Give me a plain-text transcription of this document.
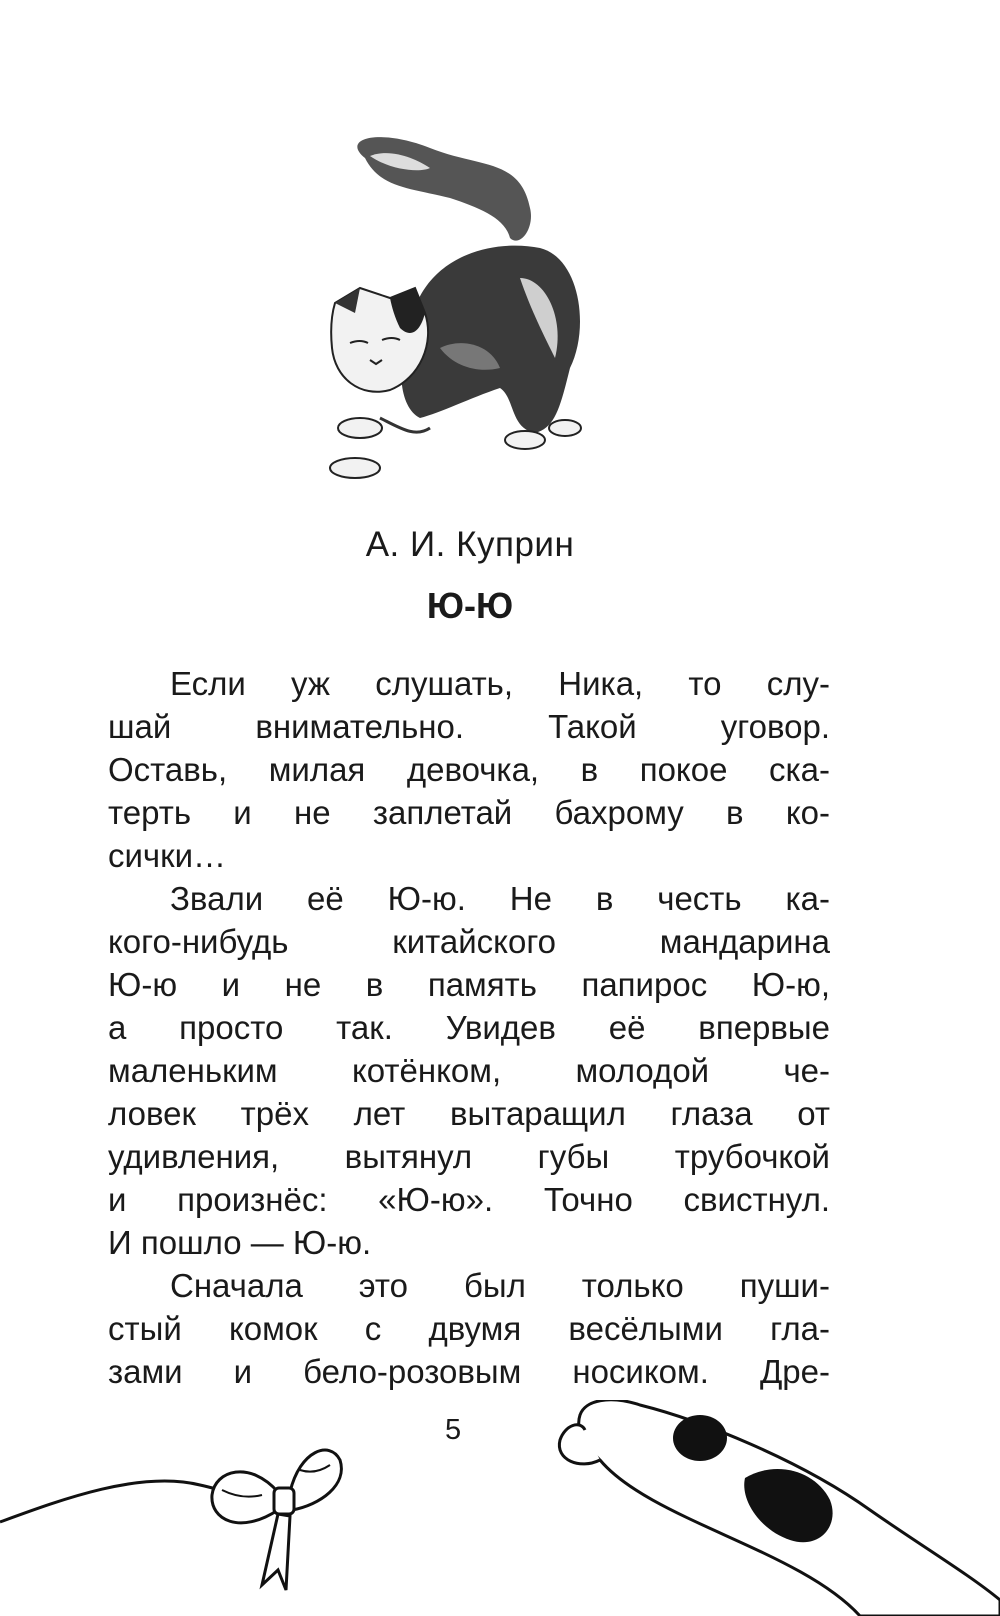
А. И. Куприн
Ю-Ю
Если уж слушать, Ника, то слу-
шай внимательно. Такой уговор.
Оставь, милая девочка, в покое ска-
терть и не заплетай бахрому в ко-
сички…
Звали её Ю-ю. Не в честь ка-
кого-нибудь китайского мандарина
Ю-ю и не в память папирос Ю-ю,
а просто так. Увидев её впервые
маленьким котёнком, молодой че-
ловек трёх лет вытаращил глаза от
удивления, вытянул губы трубочкой
и произнёс: «Ю-ю». Точно свистнул.
И пошло — Ю-ю.
Сначала это был только пуши-
стый комок с двумя весёлыми гла-
зами и бело-розовым носиком. Дре-
5
